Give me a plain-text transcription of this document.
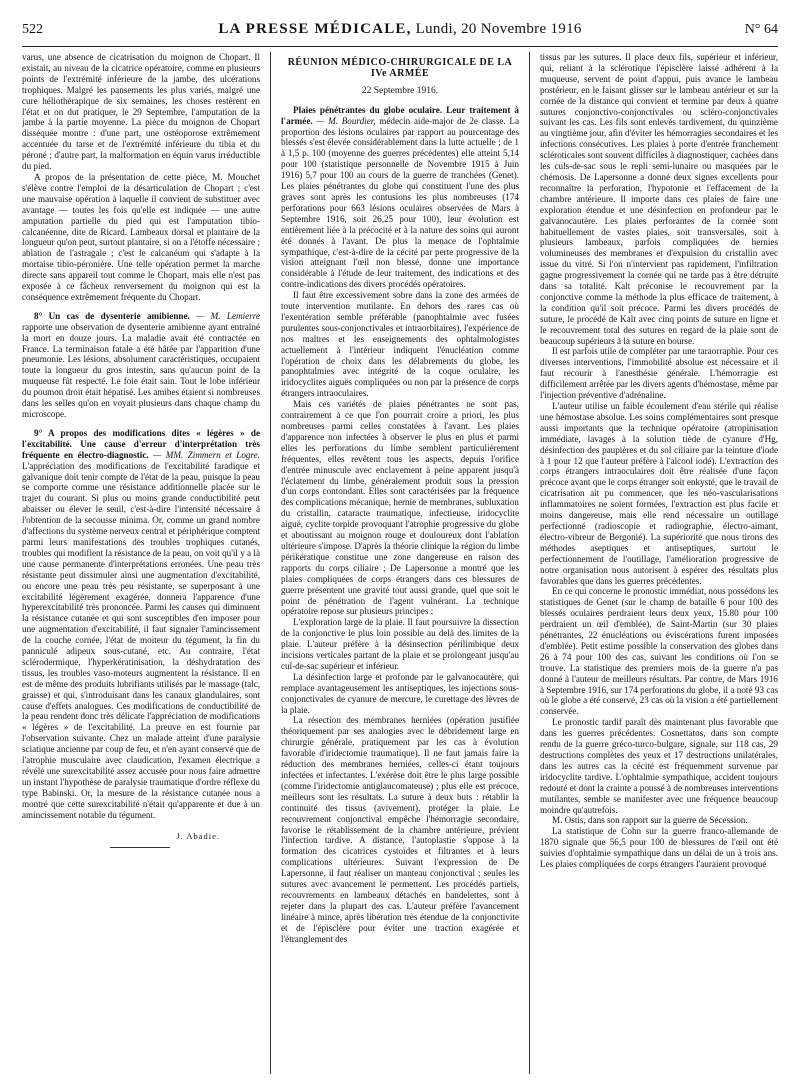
522	LA PRESSE MÉDICALE, Lundi, 20 Novembre 1916	N° 64

varus, une absence de cicatrisation du moignon de Chopart. Il existait, au niveau de la cicatrice opératoire, comme en plusieurs points de l'extrémité inférieure de la jambe, des ulcérations trophiques. Malgré les pansements les plus variés, malgré une cure héliothérapique de six semaines, les choses restèrent en l'état et on dut pratiquer, le 29 Septembre, l'amputation de la jambe à la partie moyenne. La pièce du moignon de Chopart disséquée montre : d'une part, une ostéoporose extrêmement accentuée du tarse et de l'extrémité inférieure du tibia et du péroné ; d'autre part, la malformation en équin varus irréductible du pied.

A propos de la présentation de cette pièce, M. Mouchet s'élève contre l'emploi de la désarticulation de Chopart ; c'est une mauvaise opération à laquelle il convient de substituer avec avantage — toutes les fois qu'elle est indiquée — une autre amputation partielle du pied qui est l'amputation tibio-calcanéenne, dite de Ricard. Lambeaux dorsal et plantaire de la longueur qu'on peut, surtout plantaire, si on a l'étoffe nécessaire ; ablation de l'astragale ; c'est le calcanéum qui s'adapte à la mortaise tibio-péronière. Une telle opération permet la marche directe sans appareil tout comme le Chopart, mais elle n'est pas exposée à ce fâcheux renversement du moignon qui est la conséquence extrêmement fréquente du Chopart.

8° Un cas de dysenterie amibienne. — M. Lemierre rapporte une observation de dysenterie amibienne ayant entraîné la mort en douze jours. La maladie avait été contractée en France. La terminaison fatale a été hâtée par l'apparition d'une pneumonie. Les lésions, absolument caractéristiques, occupaient toute la longueur du gros intestin, sans qu'aucun point de la muqueuse fût respecté. Le foie était sain. Tout le lobe inférieur du poumon droit était hépatisé. Les amibes étaient si nombreuses dans les selles qu'on en voyait plusieurs dans chaque champ du microscope.

9° A propos des modifications dites « légères » de l'excitabilité. Une cause d'erreur d'interprétation très fréquente en électro-diagnostic. — MM. Zimmern et Logre. L'appréciation des modifications de l'excitabilité faradique et galvanique doit tenir compte de l'état de la peau, puisque la peau se comporte comme une résistance additionnelle placée sur le trajet du courant. Si plus ou moins grande conductibilité peut abaisser ou élever le seuil, c'est-à-dire l'intensité nécessaire à l'obtention de la secousse minima. Or, comme un grand nombre d'affections du système nerveux central et périphérique comptent parmi leurs manifestations des troubles trophiques cutanés, troubles qui modifient la résistance de la peau, on voit qu'il y a là une cause permanente d'interprétations erronées. Une peau très résistante peut dissimuler ainsi une augmentation d'excitabilité, ou encore une peau très peu résistante, se superposant à une excitabilité légèrement exagérée, donnera l'apparence d'une hyperexcitabilité très prononcée. Parmi les causes qui diminuent la résistance cutanée et qui sont susceptibles d'en imposer pour une augmentation d'excitabilité, il faut signaler l'amincissement de la couche cornée, l'état de moiteur du tégument, la fin du panniculé adipeux sous-cutané, etc. Au contraire, l'état sclérodermique, l'hyperkératinisation, la déshydratation des tissus, les troubles vaso-moteurs augmentent la résistance. Il en est de même des produits lubrifiants utilisés par le massage (talc, graisse) et qui, s'introduisant dans les canaux glandulaires, sont cause d'effets analogues. Ces modifications de conductibilité de la peau rendent donc très délicate l'appréciation de modifications « légères » de l'excitabilité. La preuve en est fournie par l'observation suivante. Chez un malade atteint d'une paralysie sciatique ancienne par coup de feu, et n'en ayant conservé que de l'atrophie musculaire avec claudication, l'examen électrique a révélé une surexcitabilité assez accusée pour nous faire admettre un instant l'hypothèse de paralysie traumatique d'ordre réflexe du type Babinski. Or, la mesure de la résistance cutanée nous a montré que cette surexcitabilité n'était qu'apparente et due à un amincissement notable du tégument.

J. Abadie.
RÉUNION MÉDICO-CHIRURGICALE DE LA IVe ARMÉE
22 Septembre 1916.

Plaies pénétrantes du globe oculaire. Leur traitement à l'armée. — M. Bourdier, médecin aide-major de 2e classe. La proportion des lésions oculaires par rapport au pourcentage des blessés s'est élevée considérablement dans la lutte actuelle ; de 1 à 1,5 p. 100 (moyenne des guerres précédentes) elle atteint 5,14 pour 100 (statistique personnelle de Novembre 1915 à Juin 1916) 5,7 pour 100 au cours de la guerre de tranchées (Genet). Les plaies pénétrantes du globe qui constituent l'une des plus graves sont après les contusions les plus nombreuses (174 perforations pour 663 lésions oculaires observées de Mars à Septembre 1916, soit 26,25 pour 100), leur évolution est entièrement liée à la précocité et à la nature des soins qui auront été donnés à l'avant. De plus la menace de l'ophtalmie sympathique, c'est-à-dire de la cécité par perte progressive de la vision atteignant l'œil non blessé, donne une importance considérable à l'étude de leur traitement, des indications et des contre-indications des divers procédés opératoires.

Il faut être excessivement sobre dans la zone des armées de toute intervention mutilante. En dehors des rares cas où l'exentération semble préférable (panophtalmie avec fusées purulentes sous-conjonctivales et intraorbitaires), l'expérience de nos maîtres et les enseignements des ophtalmologistes actuellement à l'intérieur indiquent l'énucléation comme l'opération de choix dans les délabrements du globe, les panophtalmies avec intégrité de la coque oculaire, les iridocyclites aiguës compliquées ou non par la présence de corps étrangers intraoculaires.

Mais ces variétés de plaies pénétrantes ne sont pas, contrairement à ce que l'on pourrait croire a priori, les plus nombreuses parmi celles constatées à l'avant. Les plaies d'apparence non infectées à observer le plus en plus et parmi elles les perforations du limbe semblent particulièrement fréquentes, elles revêtent tous les aspects, depuis l'orifice d'entrée minuscule avec enclavement à peine apparent jusqu'à l'éclatement du limbe, généralement produit sous la pression d'un corps contondant. Elles sont caractérisées par la fréquence des complications mécanique, hernie de membranes, subluxation du cristallin, cataracte traumatique, infectieuse, iridocyclite aiguë, cyclite torpide provoquant l'atrophie progressive du globe et aboutissant au moignon rouge et douloureux dont l'ablation ultérieure s'impose. D'après la théorie clinique la région du limbe périkératique constitue une zone dangereuse en raison des rapports du corps ciliaire ; De Lapersonne a montré que les plaies compliquées de corps étrangers dans ces blessures de guerre présentent une gravité tout aussi grande, quel que soit le point de pénétration de l'agent vulnérant. La technique opératoire repose sur plusieurs principes :

L'exploration large de la plaie. Il faut poursuivre la dissection de la conjonctive le plus loin possible au delà des limites de la plaie. L'auteur préfère à la désinsection périlimbique deux incisions verticales partant de la plaie et se prolongeant jusqu'au cul-de-sac supérieur et inférieur.

La désinfection large et profonde par le galvanocautère, qui remplace avantageusement les antiseptiques, les injections sous-conjonctivales de cyanure de mercure, le curettage des lèvres de la plaie.

La résection des membranes herniées (opération justifiée théoriquement par ses analogies avec le débridement large en chirurgie générale, pratiquement par les cas à évolution favorable d'iridectomie traumatique). Il ne faut jamais faire la réduction des membranes herniées, celles-ci étant toujours infectées et infectantes. L'exérèse doit être le plus large possible (comme l'iridectomie antiglaucomateuse) ; plus elle est précoce, meilleurs sont les résultats. La suture à deux buts : rétablir la continuité des tissus (avivement), protéger la plaie. Le recouvrement conjonctival empêche l'hémorragie secondaire, favorise le rétablissement de la chambre antérieure, prévient l'infection tardive. A distance, l'autoplastie s'oppose à la formation des cicatrices cystoïdes et filtrantes et à leurs complications ultérieures. Suivant l'expression de De Lapersonne, il faut réaliser un manteau conjonctival ; seules les sutures avec avancement le permettent. Les procédés partiels, recouvrements en lambeaux détachés en bandelettes, sont à rejeter dans la plupart des cas. L'auteur préfère l'avancement linéaire à mince, après libération très étendue de la conjonctivite et de l'épisclère pour éviter une traction exagérée et l'étranglement des

tissus par les sutures. Il place deux fils, supérieur et inférieur, qui, reliant à la sclérotique l'épisclère laissé adhérent à la muqueuse, servent de point d'appui, puis avance le lambeau postérieur, en le faisant glisser sur le lambeau antérieur et sur la cornée de la distance qui convient et termine par deux à quatre sutures conjonctivo-conjonctivales ou scléro-conjonctivales suivant les cas. Les fils sont enlevés tardivement, du quinzième au vingtième jour, afin d'éviter les hémorragies secondaires et les infections consécutives. Les plaies à porte d'entrée franchement scléroticales sont souvent difficiles à diagnostiquer, cachées dans les culs-de-sac sous le repli semi-lunaire ou masquées par le chémosis. De Lapersonne a donné deux signes excellents pour reconnaître la perforation, l'hypotonie et l'effacement de la chambre antérieure. Il importe dans ces plaies de faire une exploration étendue et une désinfection en profondeur par le galvanocautère. Les plaies perforantes de la cornée sont habituellement de vastes plaies, soit transversales, soit à plusieurs lambeaux, parfois compliquées de hernies volumineuses des membranes et d'expulsion du cristallin avec issue du vitré. Si l'on n'intervient pas rapidement, l'infiltration gagne progressivement la cornée qui ne tarde pas à être détruite dans sa totalité. Kalt préconise le recouvrement par la conjonctive comme la méthode la plus efficace de traitement, à la condition qu'il soit précoce. Parmi les divers procédés de suture, le procédé de Kalt avec cinq points de suture en ligne et le recouvrement total des sutures en regard de la plaie sont de beaucoup supérieurs à la suture en bourse.

Il est parfois utile de compléter par une taraorraphie. Pour ces diverses interventions, l'immobilité absolue est nécessaire et il faut recourir à l'anesthésie générale. L'hémorragie est difficilement arrêtée par les divers agents d'hémostase, même par l'injection préventive d'adrénaline.

L'auteur utilise un faible écoulement d'eau stérile qui réalise une hémostase absolue. Les soins complémentaires sont presque aussi importants que la technique opératoire (atropinisation immédiate, lavages à la solution tiède de cyanure d'Hg, désinfection des paupières et du sol ciliaire par la teinture d'iode à 1 pour 12 que l'auteur préfère à l'alcool iodé). L'extraction des corps étrangers intraoculaires doit être réalisée d'une façon précoce avant que le corps étranger soit enkysté, que le travail de cicatrisation ait pu commencer, que les néo-vascularisations inflammatoires ne soient formées, l'extraction est plus facile et moins dangereuse, mais elle rend nécessaire un outillage perfectionné (radioscopie et radiographie, électro-aimant, électro-vibreur de Bergonié). La supériorité que nous tirons des méthodes aseptiques et antiseptiques, surtout le perfectionnement de l'outillage, l'amélioration progressive de notre organisation nous autorisent à espérer des résultats plus favorables que dans les guerres précédentes.

En ce qui concerne le pronostic immédiat, nous possédons les statistiques de Genet (sur le champ de bataille 6 pour 100 des blessés oculaires perdraient leurs deux yeux, 15.80 pour 100 perdraient un œil d'emblée), de Saint-Martin (sur 30 plaies pénétrantes, 22 énucléations ou éviscérations furent imposées d'emblée). Petit estime possible la conservation des globes dans 26 à 74 pour 100 des cas, suivant les conditions où l'on se trouve. La statistique des premiers mois de la guerre n'a pas donné à l'auteur de meilleurs résultats. Par contre, de Mars 1916 à Septembre 1916, sur 174 perforations du globe, il a noté 93 cas où le globe a été conservé, 23 cas où la vision a été partiellement conservée.

Le pronostic tardif paraît dès maintenant plus favorable que dans les guerres précédentes. Cosnettatos, dans son compte rendu de la guerre gréco-turco-bulgare, signale, sur 118 cas, 29 destructions complètes des yeux et 17 destructions unilatérales, dans les autres cas la cécité est fréquemment survenue par iridocyclite tardive. L'ophtalmie sympathique, accident toujours redouté et dont la crainte a poussé à de nombreuses interventions mutilantes, semble se manifester avec une fréquence beaucoup moindre qu'autrefois.

M. Ostis, dans son rapport sur la guerre de Sécession.

La statistique de Cohn sur la guerre franco-allemande de 1870 signale que 56,5 pour 100 de blessures de l'œil ont été suivies d'ophtalmie sympathique dans un délai de un à trois ans. Les plaies compliquées de corps étrangers l'auraient provoqué
